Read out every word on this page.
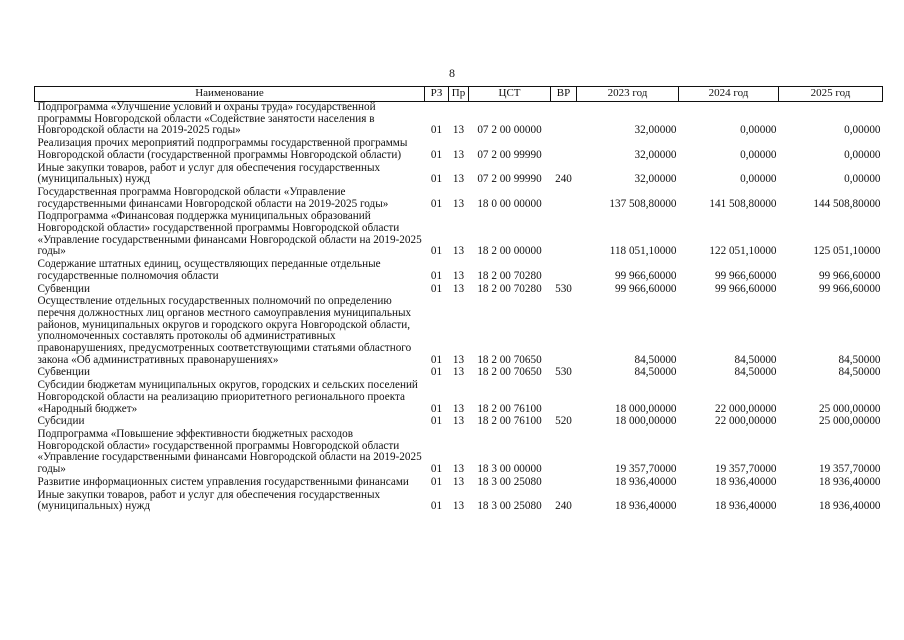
8
Наименование	РЗ	Пр	ЦСТ	ВР	2023 год	2024 год	2025 год
Подпрограмма «Улучшение условий и охраны труда» государственной программы Новгородской области «Содействие занятости населения в Новгородской области на 2019-2025 годы»	01	13	07 2 00 00000		32,00000	0,00000	0,00000
Реализация прочих мероприятий подпрограммы государственной программы Новгородской области (государственной программы Новгородской области)	01	13	07 2 00 99990		32,00000	0,00000	0,00000
Иные закупки товаров, работ и услуг для обеспечения государственных (муниципальных) нужд	01	13	07 2 00 99990	240	32,00000	0,00000	0,00000
Государственная программа Новгородской области «Управление государственными финансами Новгородской области на 2019-2025 годы»	01	13	18 0 00 00000		137 508,80000	141 508,80000	144 508,80000
Подпрограмма «Финансовая поддержка муниципальных образований Новгородской области» государственной программы Новгородской области «Управление государственными финансами Новгородской области на 2019-2025 годы»	01	13	18 2 00 00000		118 051,10000	122 051,10000	125 051,10000
Содержание штатных единиц, осуществляющих переданные отдельные государственные полномочия области	01	13	18 2 00 70280		99 966,60000	99 966,60000	99 966,60000
Субвенции	01	13	18 2 00 70280	530	99 966,60000	99 966,60000	99 966,60000
Осуществление отдельных государственных полномочий по определению перечня должностных лиц органов местного самоуправления муниципальных районов, муниципальных округов и городского округа Новгородской области, уполномоченных составлять протоколы об административных правонарушениях, предусмотренных соответствующими статьями областного закона «Об административных правонарушениях»	01	13	18 2 00 70650		84,50000	84,50000	84,50000
Субвенции	01	13	18 2 00 70650	530	84,50000	84,50000	84,50000
Субсидии бюджетам муниципальных округов, городских и сельских поселений Новгородской области на реализацию приоритетного регионального проекта «Народный бюджет»	01	13	18 2 00 76100		18 000,00000	22 000,00000	25 000,00000
Субсидии	01	13	18 2 00 76100	520	18 000,00000	22 000,00000	25 000,00000
Подпрограмма «Повышение эффективности бюджетных расходов Новгородской области» государственной программы Новгородской области «Управление государственными финансами Новгородской области на 2019-2025 годы»	01	13	18 3 00 00000		19 357,70000	19 357,70000	19 357,70000
Развитие информационных систем управления государственными финансами	01	13	18 3 00 25080		18 936,40000	18 936,40000	18 936,40000
Иные закупки товаров, работ и услуг для обеспечения государственных (муниципальных) нужд	01	13	18 3 00 25080	240	18 936,40000	18 936,40000	18 936,40000
